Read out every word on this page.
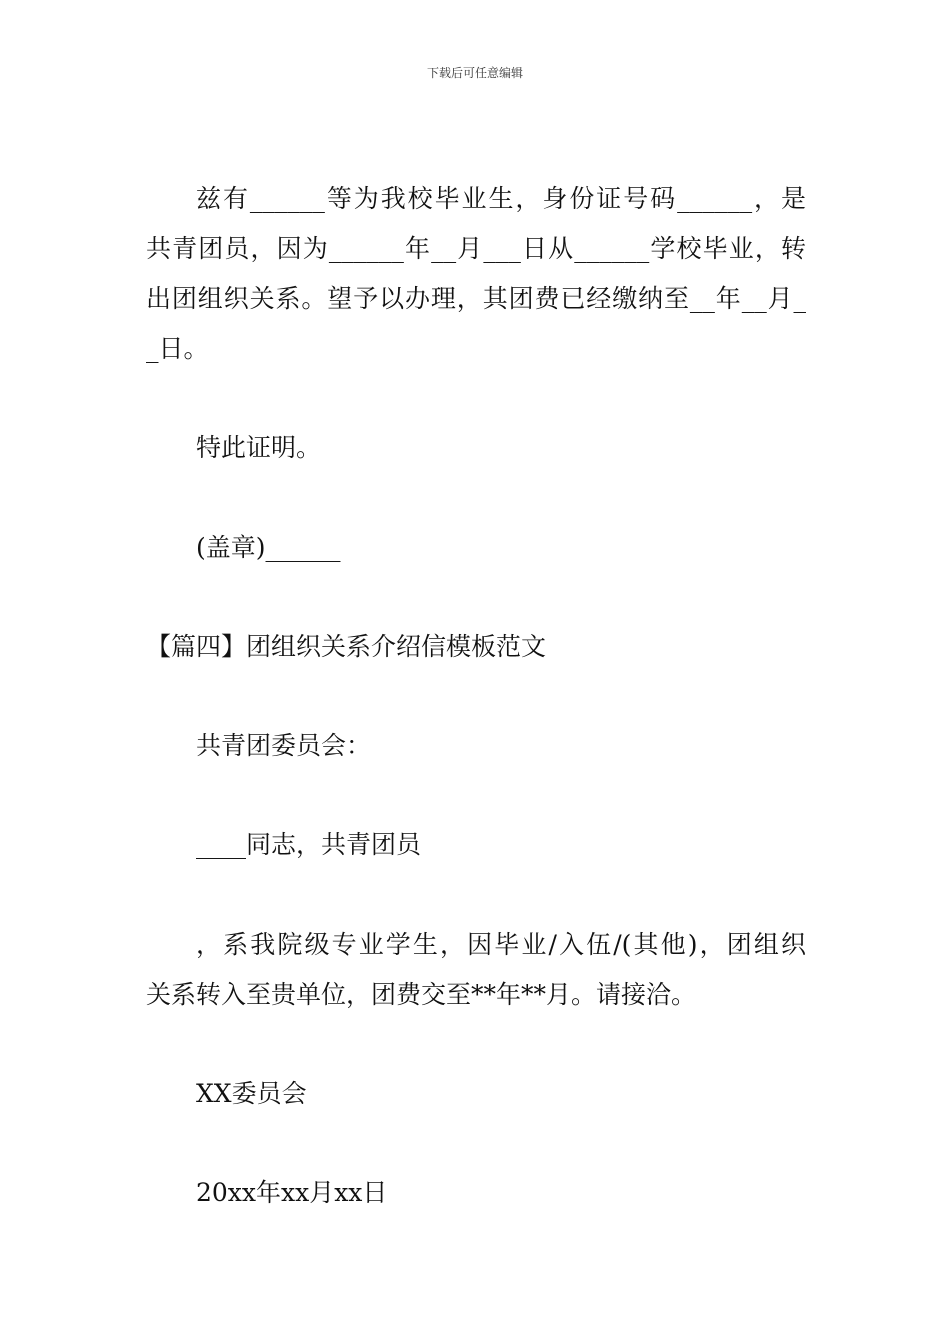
下载后可任意编辑
兹有______等为我校毕业生，身份证号码______，是
共青团员，因为______年__月___日从______学校毕业，转
出团组织关系。望予以办理，其团费已经缴纳至__年__月_
_日。
特此证明。
(盖章)______
【篇四】团组织关系介绍信模板范文
共青团委员会：
____同志，共青团员
，系我院级专业学生，因毕业/入伍/(其他)，团组织
关系转入至贵单位，团费交至**年**月。请接洽。
XX委员会
20xx年xx月xx日
